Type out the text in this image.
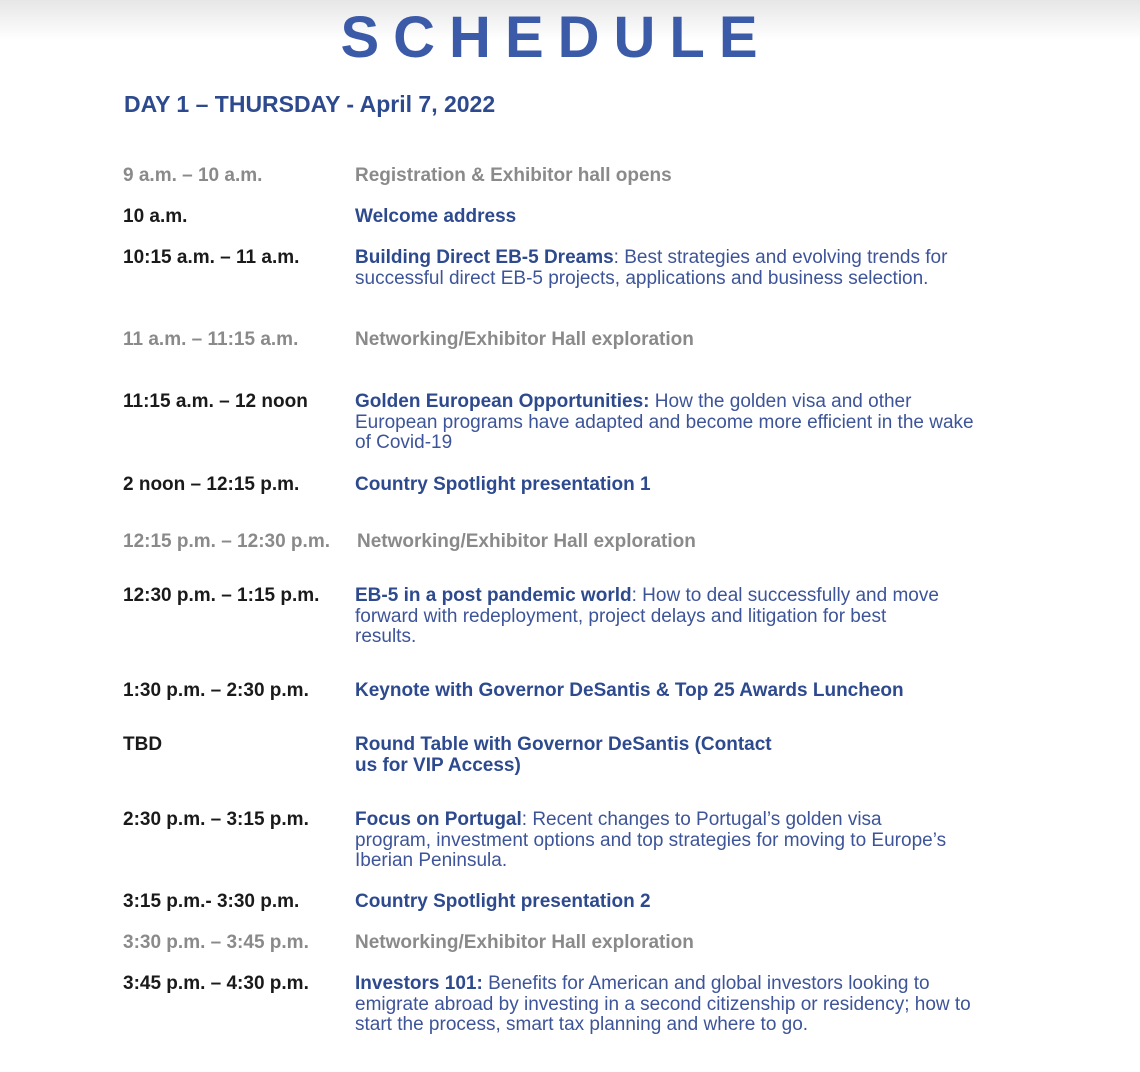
SCHEDULE
DAY 1 – THURSDAY - April 7, 2022
9 a.m. – 10 a.m.	Registration & Exhibitor hall opens
10 a.m.	Welcome address
10:15 a.m. – 11 a.m.	Building Direct EB-5 Dreams: Best strategies and evolving trends for successful direct EB-5 projects, applications and business selection.
11 a.m. – 11:15 a.m.	Networking/Exhibitor Hall exploration
11:15 a.m. – 12 noon Golden European Opportunities: How the golden visa and other European programs have adapted and become more efficient in the wake of Covid-19
2 noon – 12:15 p.m.	Country Spotlight presentation 1
12:15 p.m. – 12:30 p.m. Networking/Exhibitor Hall exploration
12:30 p.m. – 1:15 p.m. EB-5 in a post pandemic world: How to deal successfully and move forward with redeployment, project delays and litigation for best results.
1:30 p.m. – 2:30 p.m. Keynote with Governor DeSantis & Top 25 Awards Luncheon
TBD	Round Table with Governor DeSantis (Contact us for VIP Access)
2:30 p.m. – 3:15 p.m. Focus on Portugal: Recent changes to Portugal’s golden visa program, investment options and top strategies for moving to Europe’s Iberian Peninsula.
3:15 p.m.- 3:30 p.m.	Country Spotlight presentation 2
3:30 p.m. – 3:45 p.m. Networking/Exhibitor Hall exploration
3:45 p.m. – 4:30 p.m. Investors 101: Benefits for American and global investors looking to emigrate abroad by investing in a second citizenship or residency; how to start the process, smart tax planning and where to go.
